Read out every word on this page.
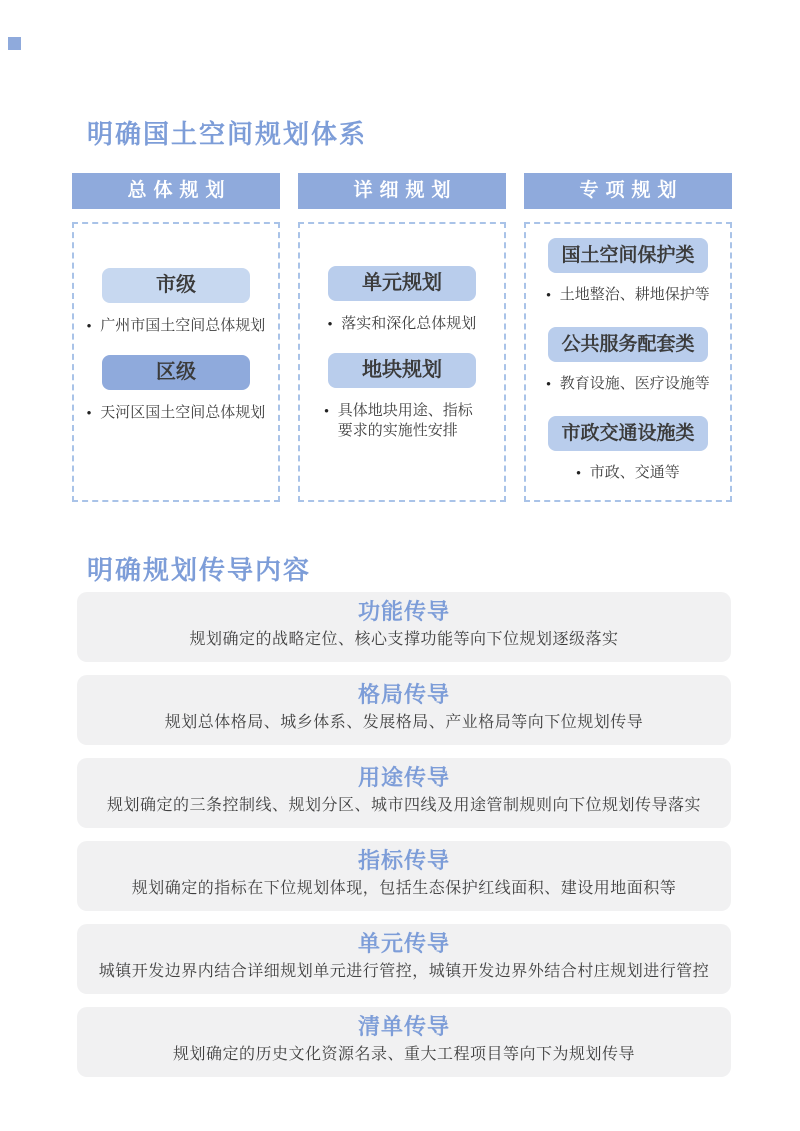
明确国土空间规划体系
总体规划
市级
• 广州市国土空间总体规划
区级
• 天河区国土空间总体规划
详细规划
单元规划
• 落实和深化总体规划
地块规划
• 具体地块用途、指标要求的实施性安排
专项规划
国土空间保护类
• 土地整治、耕地保护等
公共服务配套类
• 教育设施、医疗设施等
市政交通设施类
• 市政、交通等
明确规划传导内容
功能传导
规划确定的战略定位、核心支撑功能等向下位规划逐级落实
格局传导
规划总体格局、城乡体系、发展格局、产业格局等向下位规划传导
用途传导
规划确定的三条控制线、规划分区、城市四线及用途管制规则向下位规划传导落实
指标传导
规划确定的指标在下位规划体现，包括生态保护红线面积、建设用地面积等
单元传导
城镇开发边界内结合详细规划单元进行管控，城镇开发边界外结合村庄规划进行管控
清单传导
规划确定的历史文化资源名录、重大工程项目等向下为规划传导
